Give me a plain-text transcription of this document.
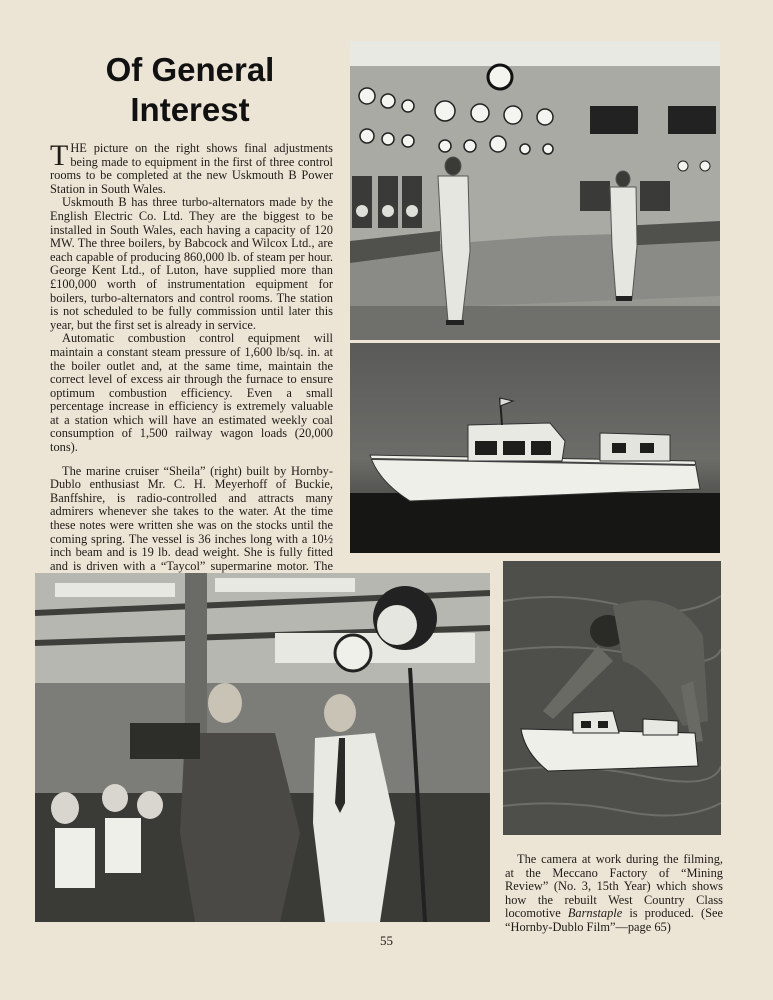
Of General
Interest

THE picture on the right shows final adjustments being made to equipment in the first of three control rooms to be completed at the new Uskmouth B Power Station in South Wales.

Uskmouth B has three turbo-alternators made by the English Electric Co. Ltd. They are the biggest to be installed in South Wales, each having a capacity of 120 MW. The three boilers, by Babcock and Wilcox Ltd., are each capable of producing 860,000 lb. of steam per hour. George Kent Ltd., of Luton, have supplied more than £100,000 worth of instrumentation equipment for boilers, turbo-alternators and control rooms. The station is not scheduled to be fully commission until later this year, but the first set is already in service.

Automatic combustion control equipment will maintain a constant steam pressure of 1,600 lb/sq. in. at the boiler outlet and, at the same time, maintain the correct level of excess air through the furnace to ensure optimum combustion efficiency. Even a small percentage increase in efficiency is extremely valuable at a station which will have an estimated weekly coal consumption of 1,500 railway wagon loads (20,000 tons).

The marine cruiser “Sheila” (right) built by Hornby-Dublo enthusiast Mr. C. H. Meyerhoff of Buckie, Banffshire, is radio-controlled and attracts many admirers whenever she takes to the water. At the time these notes were written she was on the stocks until the coming spring. The vessel is 36 inches long with a 10½ inch beam and is 19 lb. dead weight. She is fully fitted and is driven with a “Taycol” supermarine motor. The

The camera at work during the filming, at the Meccano Factory of “Mining Review” (No. 3, 15th Year) which shows how the rebuilt West Country Class locomotive Barnstaple is produced. (See “Hornby-Dublo Film”—page 65)

55
